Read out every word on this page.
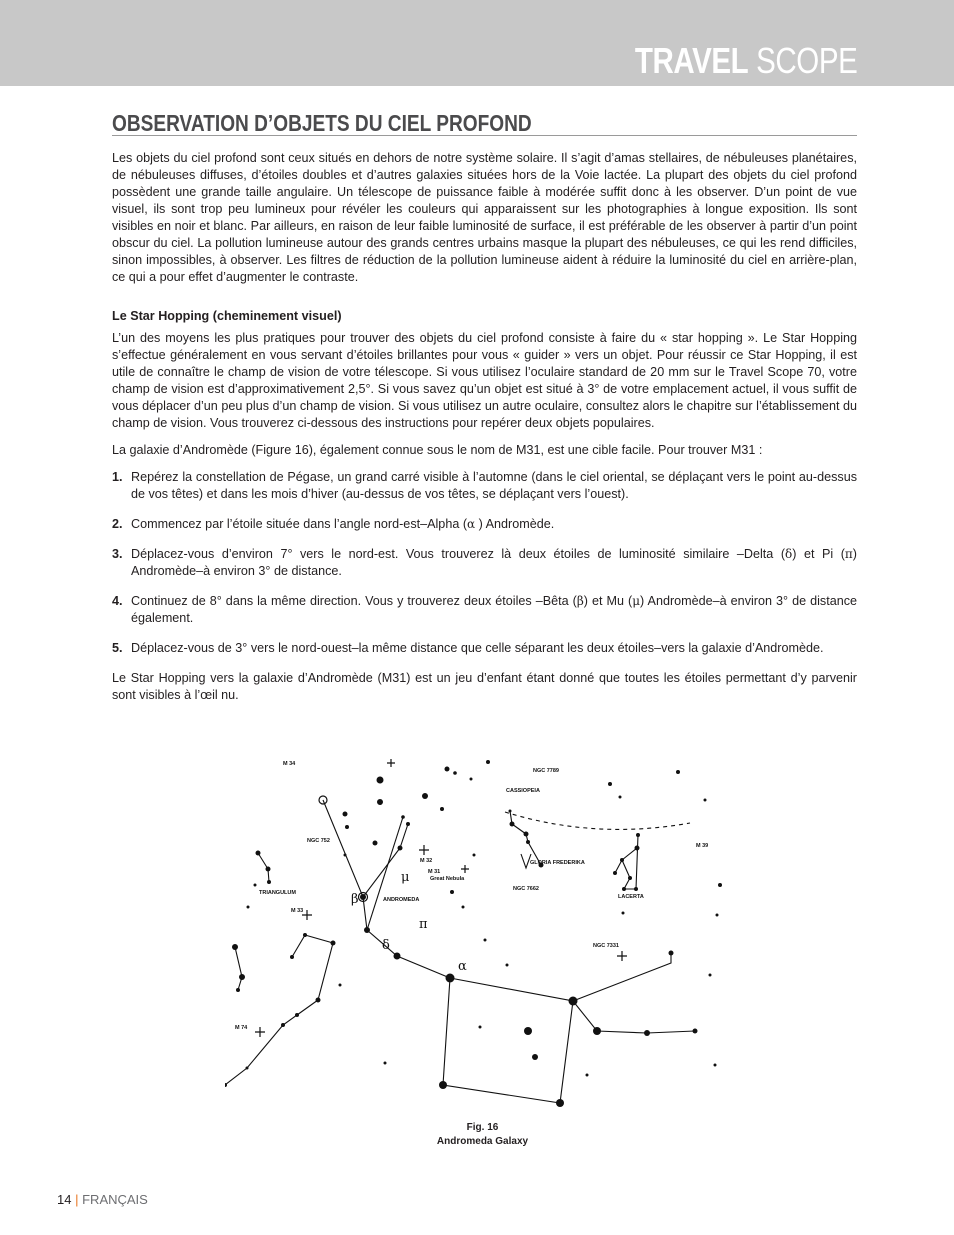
TRAVEL SCOPE
OBSERVATION D’OBJETS DU CIEL PROFOND

Les objets du ciel profond sont ceux situés en dehors de notre système solaire. Il s’agit d’amas stellaires, de nébuleuses planétaires, de nébuleuses diffuses, d’étoiles doubles et d’autres galaxies situées hors de la Voie lactée. La plupart des objets du ciel profond possèdent une grande taille angulaire. Un télescope de puissance faible à modérée suffit donc à les observer. D’un point de vue visuel, ils sont trop peu lumineux pour révéler les couleurs qui apparaissent sur les photographies à longue exposition. Ils sont visibles en noir et blanc. Par ailleurs, en raison de leur faible luminosité de surface, il est préférable de les observer à partir d’un point obscur du ciel. La pollution lumineuse autour des grands centres urbains masque la plupart des nébuleuses, ce qui les rend difficiles, sinon impossibles, à observer. Les filtres de réduction de la pollution lumineuse aident à réduire la luminosité du ciel en arrière-plan, ce qui a pour effet d’augmenter le contraste.

Le Star Hopping (cheminement visuel)

L’un des moyens les plus pratiques pour trouver des objets du ciel profond consiste à faire du « star hopping ». Le Star Hopping s’effectue généralement en vous servant d’étoiles brillantes pour vous « guider » vers un objet. Pour réussir ce Star Hopping, il est utile de connaître le champ de vision de votre télescope. Si vous utilisez l’oculaire standard de 20 mm sur le Travel Scope 70, votre champ de vision est d’approximativement 2,5°. Si vous savez qu’un objet est situé à 3° de votre emplacement actuel, il vous suffit de vous déplacer d’un peu plus d’un champ de vision. Si vous utilisez un autre oculaire, consultez alors le chapitre sur l’établissement du champ de vision. Vous trouverez ci-dessous des instructions pour repérer deux objets populaires.

La galaxie d’Andromède (Figure 16), également connue sous le nom de M31, est une cible facile. Pour trouver M31 :

1. Repérez la constellation de Pégase, un grand carré visible à l’automne (dans le ciel oriental, se déplaçant vers le point au-dessus de vos têtes) et dans les mois d’hiver (au-dessus de vos têtes, se déplaçant vers l’ouest).
2. Commencez par l’étoile située dans l’angle nord-est–Alpha (α ) Andromède.
3. Déplacez-vous d’environ 7° vers le nord-est. Vous trouverez là deux étoiles de luminosité similaire –Delta (δ) et Pi (π) Andromède–à environ 3° de distance.
4. Continuez de 8° dans la même direction. Vous y trouverez deux étoiles –Bêta (β) et Mu (μ) Andromède–à environ 3° de distance également.
5. Déplacez-vous de 3° vers le nord-ouest–la même distance que celle séparant les deux étoiles–vers la galaxie d’Andromède.

Le Star Hopping vers la galaxie d’Andromède (M31) est un jeu d’enfant étant donné que toutes les étoiles permettant d’y parvenir sont visibles à l’œil nu.

M 34
NGC 7789
CASSIOPEIA
M 39
NGC 752
M 32
M 31
Great Nebula
GLORIA FREDERIKA
NGC 7662
LACERTA
TRIANGULUM
ANDROMEDA
M 33
NGC 7331
M 74
β
μ
π
δ
α
Fig. 16
Andromeda Galaxy
14 | FRANÇAIS
